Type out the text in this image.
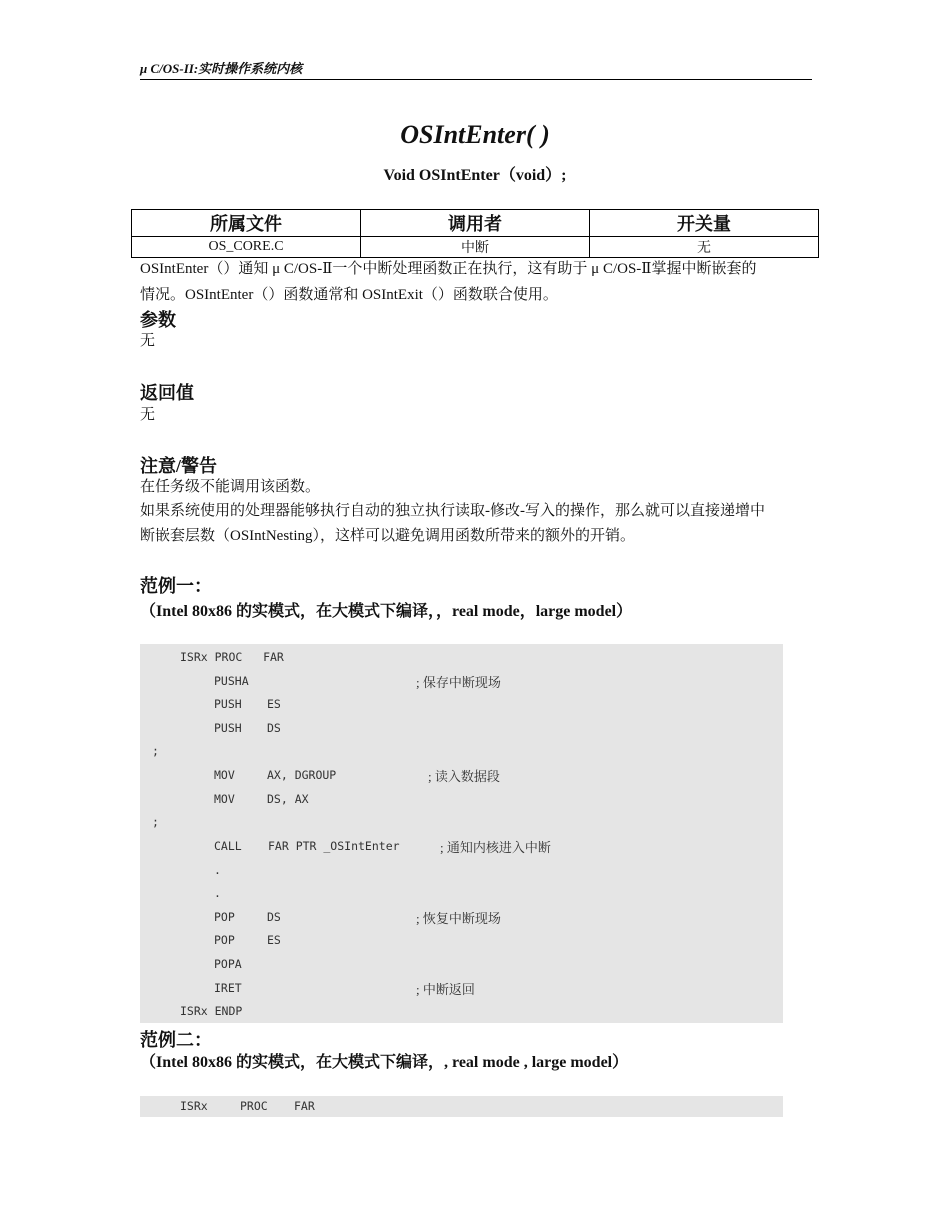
μ C/OS-II:实时操作系统内核
OSIntEnter( )
Void OSIntEnter（void）;
所属文件	调用者	开关量
OS_CORE.C	中断	无
OSIntEnter（）通知 μ C/OS-Ⅱ一个中断处理函数正在执行，这有助于 μ C/OS-Ⅱ掌握中断嵌套的
情况。OSIntEnter（）函数通常和 OSIntExit（）函数联合使用。
参数
无
返回值
无
注意/警告
在任务级不能调用该函数。
如果系统使用的处理器能够执行自动的独立执行读取-修改-写入的操作，那么就可以直接递增中
断嵌套层数（OSIntNesting），这样可以避免调用函数所带来的额外的开销。
范例一：
（Intel 80x86 的实模式，在大模式下编译，，real mode，large model）
ISRx PROC   FAR
PUSHA	; 保存中断现场
PUSH ES
PUSH DS
;
MOV	AX, DGROUP	; 读入数据段
MOV	DS, AX
;
CALL FAR PTR _OSIntEnter	; 通知内核进入中断
.
.
POP	DS	; 恢复中断现场
POP	ES
POPA
IRET	; 中断返回
ISRx ENDP
范例二：
（Intel 80x86 的实模式，在大模式下编译，, real mode , large model）

ISRx

	PROC

FAR
